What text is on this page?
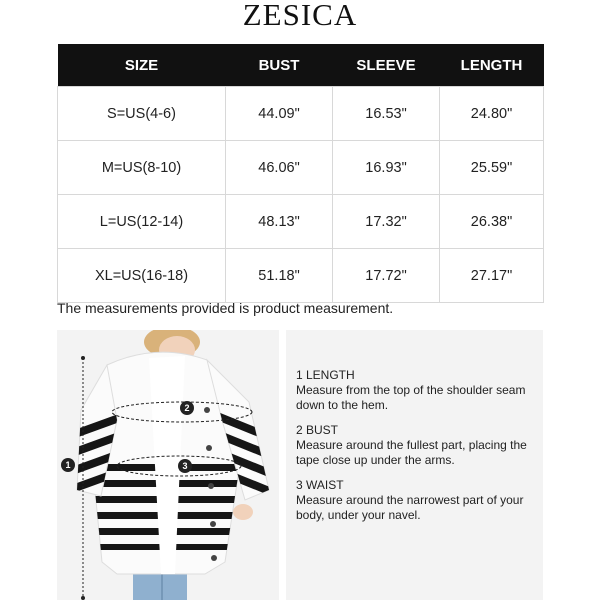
ZESICA
SIZE	BUST	SLEEVE	LENGTH
S=US(4-6)	44.09"	16.53"	24.80"
M=US(8-10)	46.06"	16.93"	25.59"
L=US(12-14)	48.13"	17.32"	26.38"
XL=US(16-18)	51.18"	17.72"	27.17"
The measurements provided is product measurement.
1
2
3
1 LENGTH
Measure from the top of the shoulder seam down to the hem.
2 BUST
Measure around the fullest part, placing the tape close up under the arms.
3 WAIST
Measure around the narrowest part of your body, under your navel.
